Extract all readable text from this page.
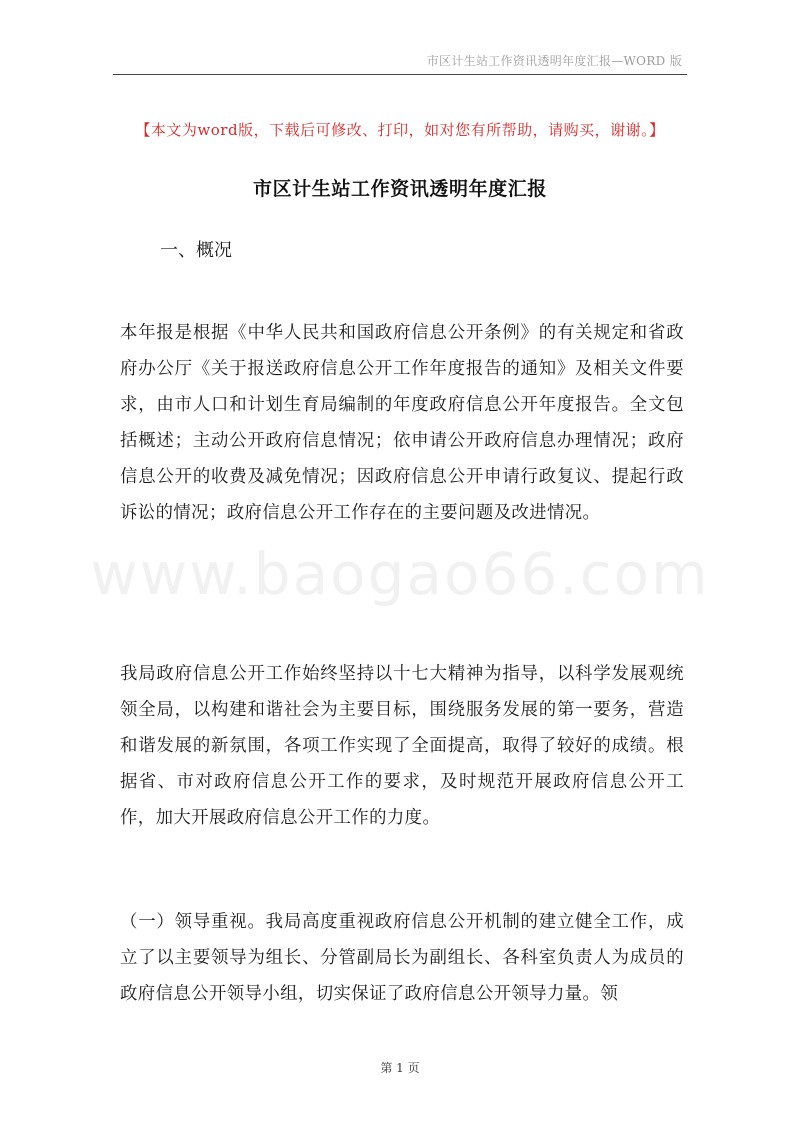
市区计生站工作资讯透明年度汇报—WORD 版
【本文为word版，下载后可修改、打印，如对您有所帮助，请购买，谢谢。】
市区计生站工作资讯透明年度汇报
一、概况

本年报是根据《中华人民共和国政府信息公开条例》的有关规定和省政府办公厅《关于报送政府信息公开工作年度报告的通知》及相关文件要求，由市人口和计划生育局编制的年度政府信息公开年度报告。全文包括概述；主动公开政府信息情况；依申请公开政府信息办理情况；政府信息公开的收费及减免情况；因政府信息公开申请行政复议、提起行政诉讼的情况；政府信息公开工作存在的主要问题及改进情况。

www.baogao66.com

我局政府信息公开工作始终坚持以十七大精神为指导，以科学发展观统领全局，以构建和谐社会为主要目标，围绕服务发展的第一要务，营造和谐发展的新氛围，各项工作实现了全面提高，取得了较好的成绩。根据省、市对政府信息公开工作的要求，及时规范开展政府信息公开工作，加大开展政府信息公开工作的力度。

（一）领导重视。我局高度重视政府信息公开机制的建立健全工作，成立了以主要领导为组长、分管副局长为副组长、各科室负责人为成员的政府信息公开领导小组，切实保证了政府信息公开领导力量。领

第 1 页
